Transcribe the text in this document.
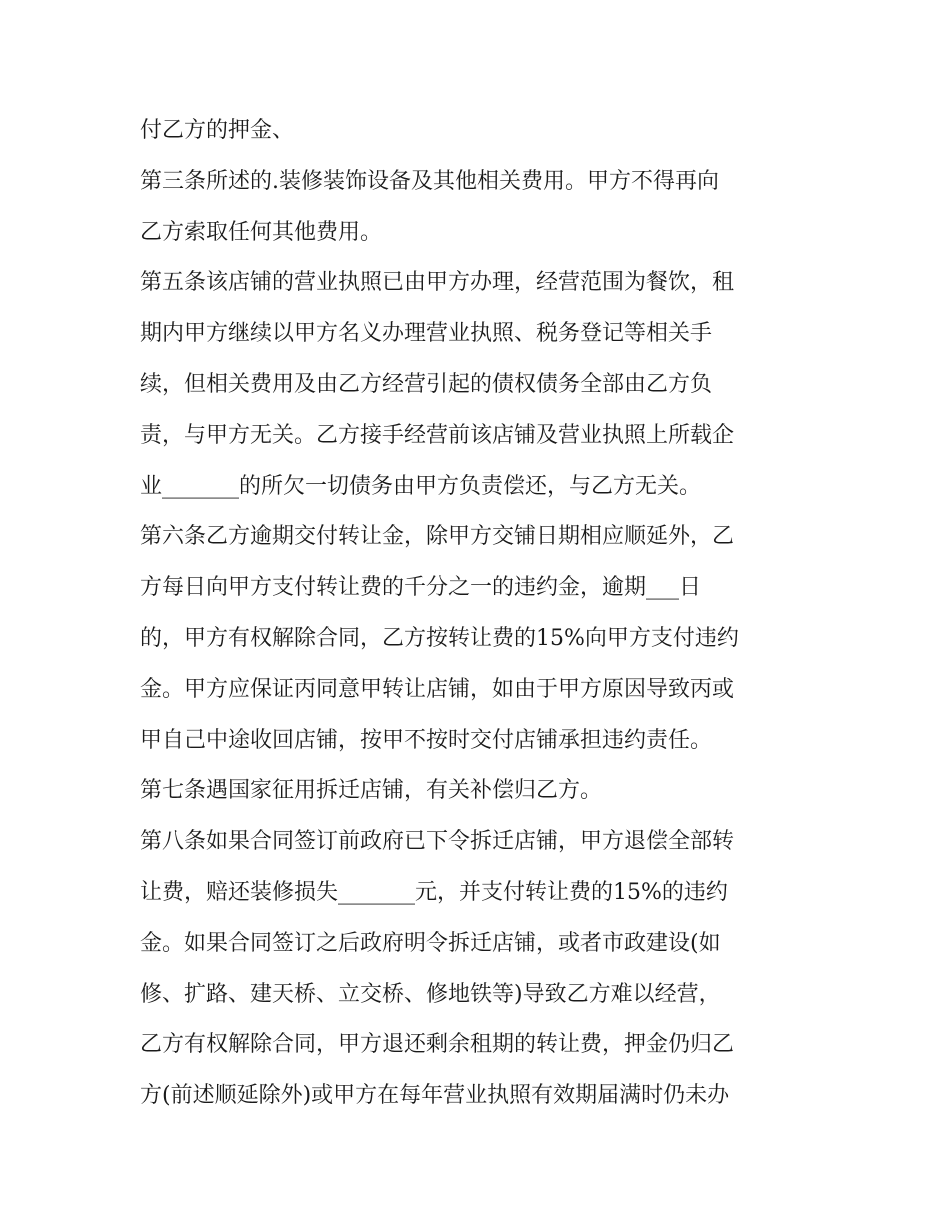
付乙方的押金、
第三条所述的.装修装饰设备及其他相关费用。甲方不得再向
乙方索取任何其他费用。
第五条该店铺的营业执照已由甲方办理，经营范围为餐饮，租
期内甲方继续以甲方名义办理营业执照、税务登记等相关手
续，但相关费用及由乙方经营引起的债权债务全部由乙方负
责，与甲方无关。乙方接手经营前该店铺及营业执照上所载企
业_______的所欠一切债务由甲方负责偿还，与乙方无关。
第六条乙方逾期交付转让金，除甲方交铺日期相应顺延外，乙
方每日向甲方支付转让费的千分之一的违约金，逾期___日
的，甲方有权解除合同，乙方按转让费的15%向甲方支付违约
金。甲方应保证丙同意甲转让店铺，如由于甲方原因导致丙或
甲自己中途收回店铺，按甲不按时交付店铺承担违约责任。
第七条遇国家征用拆迁店铺，有关补偿归乙方。
第八条如果合同签订前政府已下令拆迁店铺，甲方退偿全部转
让费，赔还装修损失_______元，并支付转让费的15%的违约
金。如果合同签订之后政府明令拆迁店铺，或者市政建设(如
修、扩路、建天桥、立交桥、修地铁等)导致乙方难以经营，
乙方有权解除合同，甲方退还剩余租期的转让费，押金仍归乙
方(前述顺延除外)或甲方在每年营业执照有效期届满时仍未办
